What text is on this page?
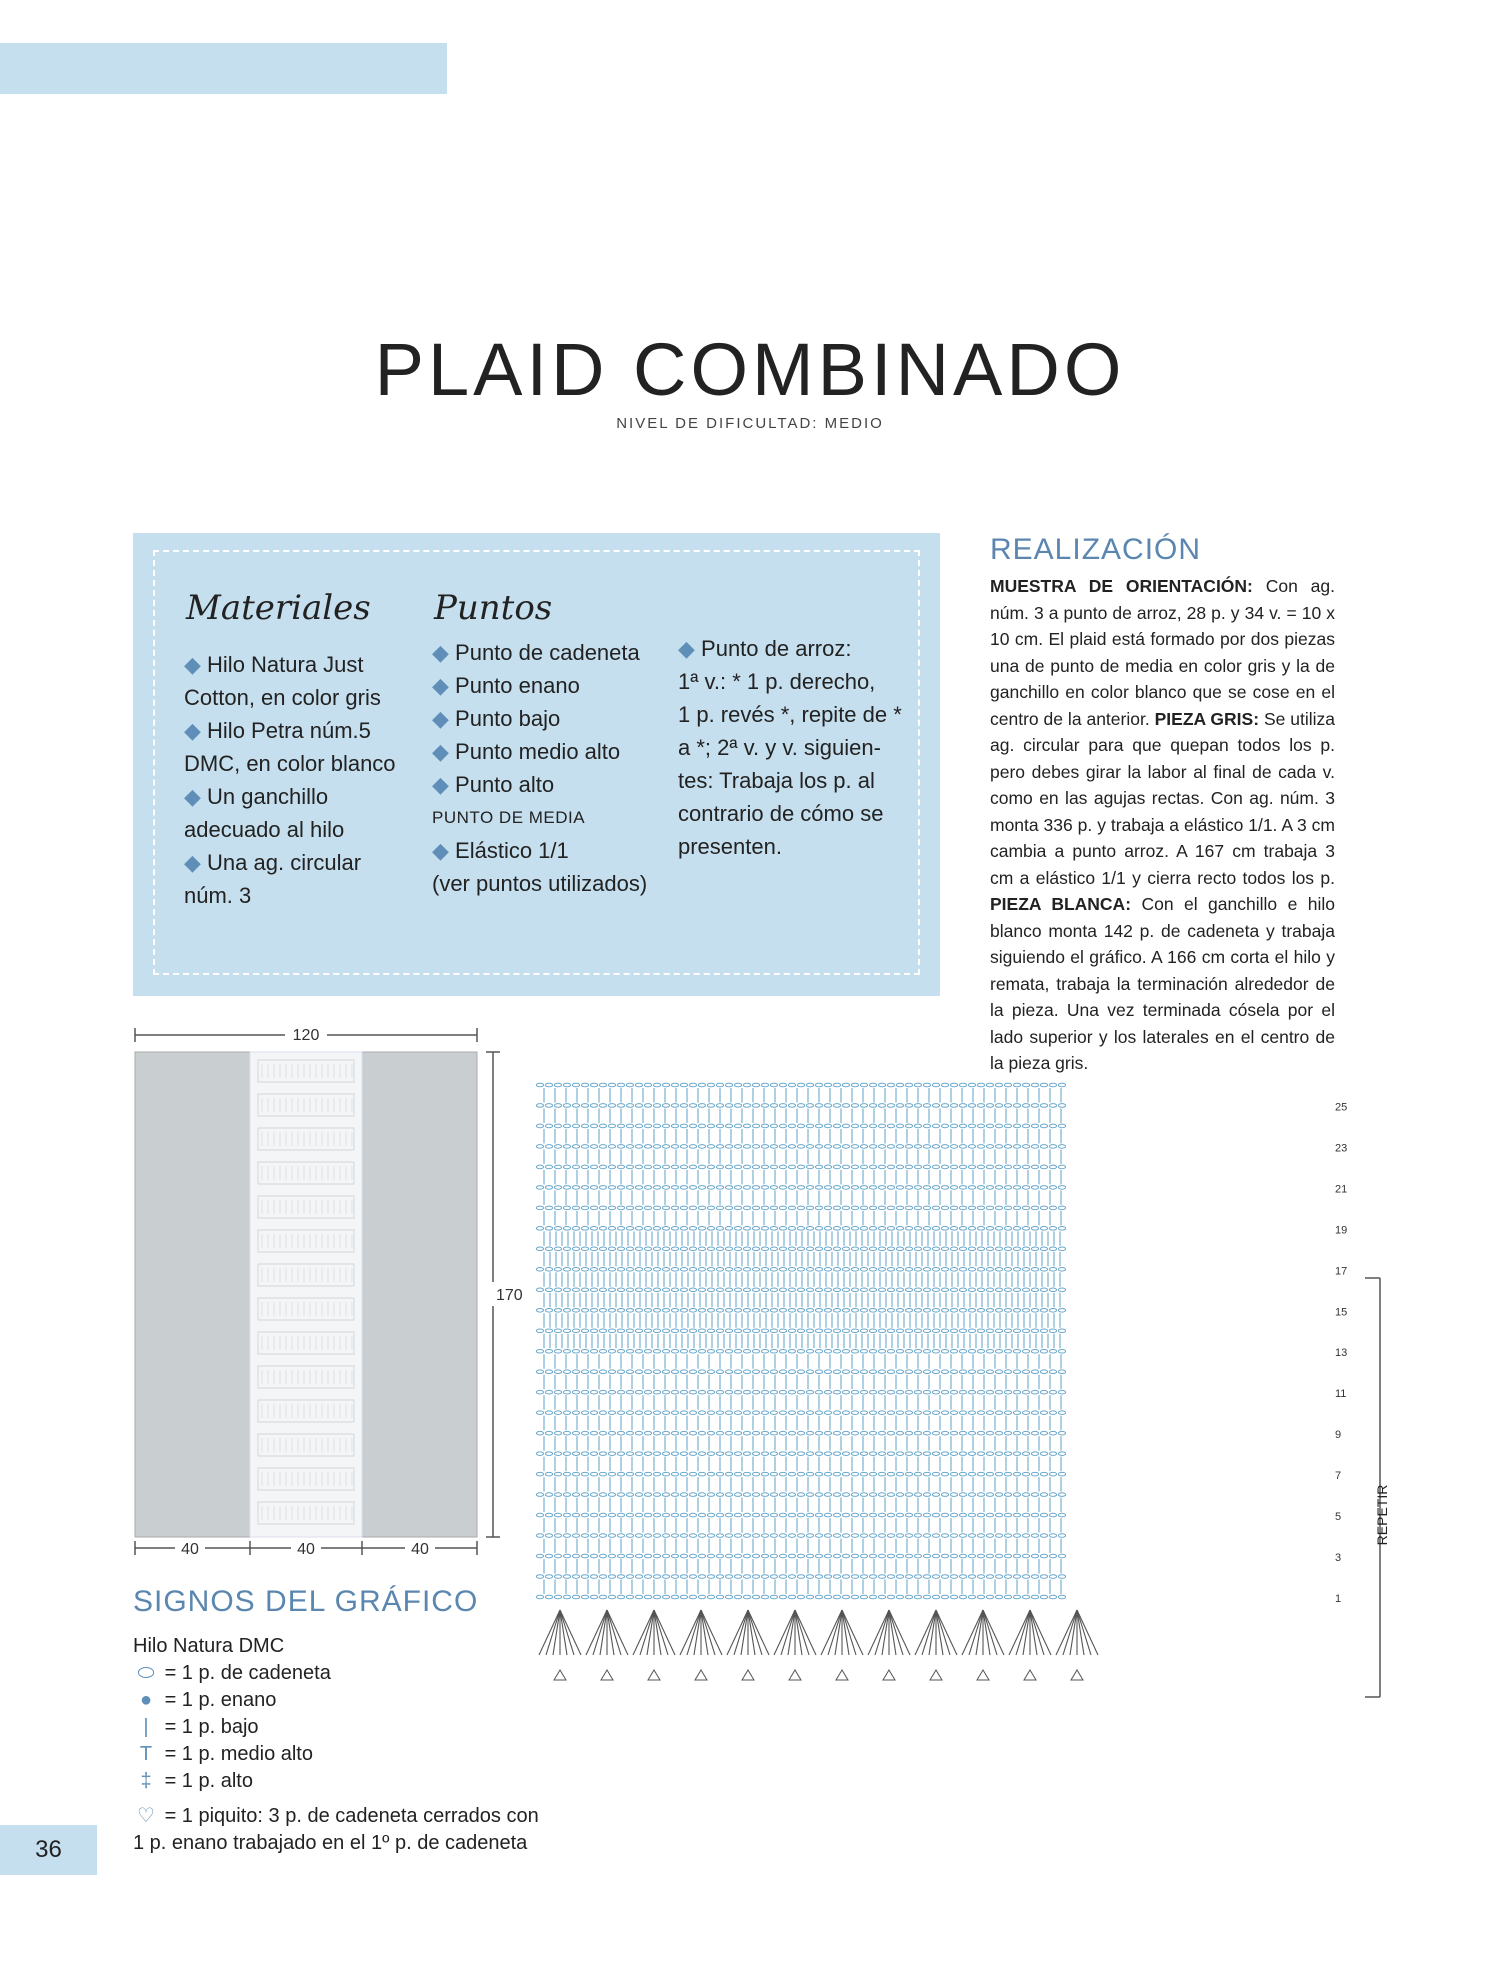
PLAID COMBINADO
NIVEL DE DIFICULTAD: MEDIO
Materiales
◆ Hilo Natura Just
Cotton, en color gris
◆ Hilo Petra núm.5
DMC, en color blanco
◆ Un ganchillo
adecuado al hilo
◆ Una ag. circular
núm. 3
Puntos
◆ Punto de cadeneta
◆ Punto enano
◆ Punto bajo
◆ Punto medio alto
◆ Punto alto
PUNTO DE MEDIA
◆ Elástico 1/1
(ver puntos utilizados)
◆ Punto de arroz:
1ª v.: * 1 p. derecho,
1 p. revés *, repite de *
a *; 2ª v. y v. siguien-
tes: Trabaja los p. al
contrario de cómo se
presenten.
REALIZACIÓN
MUESTRA DE ORIENTACIÓN: Con ag. núm. 3 a punto de arroz, 28 p. y 34 v. = 10 x 10 cm. El plaid está formado por dos piezas una de punto de media en color gris y la de ganchillo en color blanco que se cose en el centro de la anterior. PIEZA GRIS: Se utiliza ag. circular para que quepan todos los p. pero debes girar la labor al final de cada v. como en las agujas rectas. Con ag. núm. 3 monta 336 p. y trabaja a elástico 1/1. A 3 cm cambia a punto arroz. A 167 cm trabaja 3 cm a elástico 1/1 y cierra recto todos los p. PIEZA BLANCA: Con el ganchillo e hilo blanco monta 142 p. de cadeneta y trabaja siguiendo el gráfico. A 166 cm corta el hilo y remata, trabaja la terminación alrededor de la pieza. Una vez terminada cósela por el lado superior y los laterales en el centro de la pieza gris.
120
170
40	40	40
25
23
21
19
17
15
13
11
9
7
5
3
1
REPETIR
SIGNOS DEL GRÁFICO
Hilo Natura DMC
⬭ = 1 p. de cadeneta
● = 1 p. enano
| = 1 p. bajo
T = 1 p. medio alto
‡ = 1 p. alto
♡ = 1 piquito: 3 p. de cadeneta cerrados con
1 p. enano trabajado en el 1º p. de cadeneta
36
